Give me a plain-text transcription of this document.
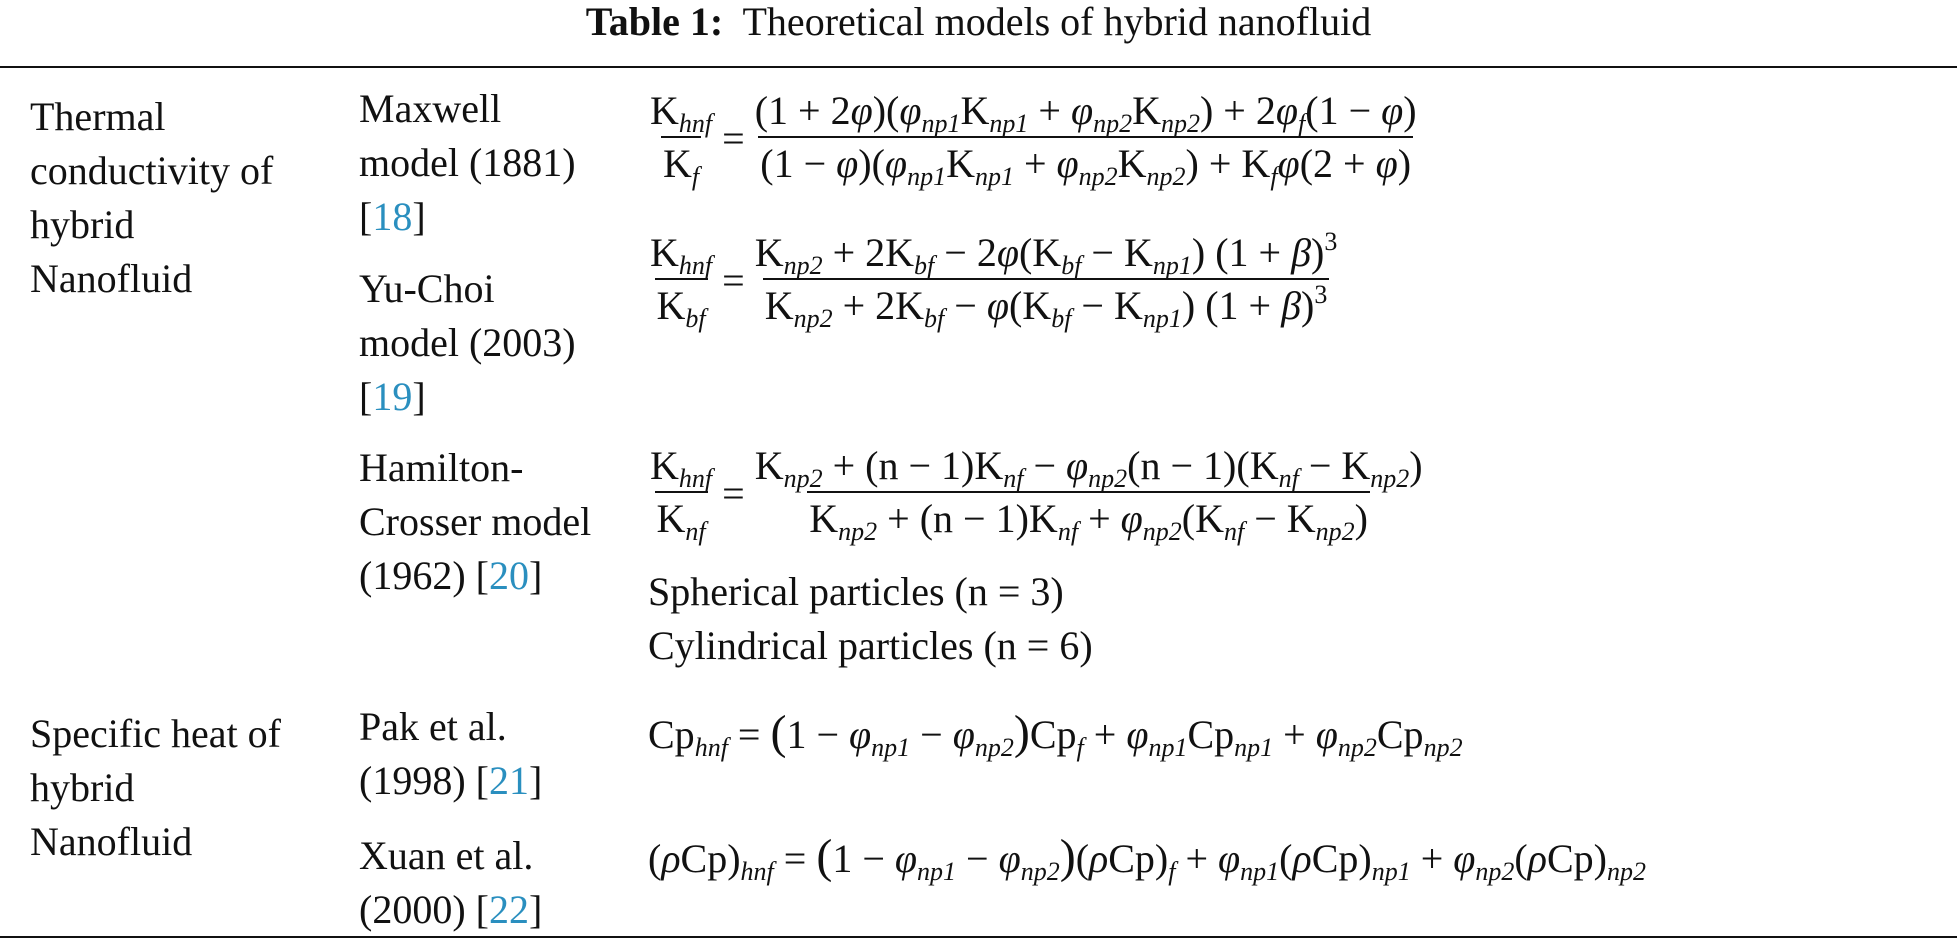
Table 1: Theoretical models of hybrid nanofluid
Thermal
conductivity of
hybrid
Nanofluid
Maxwell
model (1881)
[18]
Yu-Choi
model (2003)
[19]
Hamilton-
Crosser model
(1962) [20]
$\frac{K_{hnf}}{K_f} = \frac{(1 + 2\varphi)(\varphi_{np1}K_{np1} + \varphi_{np2}K_{np2}) + 2\varphi_f(1 - \varphi)}{(1 - \varphi)(\varphi_{np1}K_{np1} + \varphi_{np2}K_{np2}) + K_f\varphi(2 + \varphi)}$
$\frac{K_{hnf}}{K_{bf}} = \frac{K_{np2} + 2K_{bf} - 2\varphi(K_{bf} - K_{np1}) (1 + \beta)^3}{K_{np2} + 2K_{bf} - \varphi(K_{bf} - K_{np1}) (1 + \beta)^3}$
$\frac{K_{hnf}}{K_{nf}} = \frac{K_{np2} + (n - 1)K_{nf} - \varphi_{np2}(n - 1)(K_{nf} - K_{np2})}{K_{np2} + (n - 1)K_{nf} + \varphi_{np2}(K_{nf} - K_{np2})}$
Spherical particles (n = 3)
Cylindrical particles (n = 6)
Specific heat of
hybrid
Nanofluid
Pak et al.
(1998) [21]
Xuan et al.
(2000) [22]
$Cp_{hnf} = (1 - \varphi_{np1} - \varphi_{np2})Cp_f + \varphi_{np1}Cp_{np1} + \varphi_{np2}Cp_{np2}$
$(\rho Cp)_{hnf} = (1 - \varphi_{np1} - \varphi_{np2})(\rho Cp)_f + \varphi_{np1}(\rho Cp)_{np1} + \varphi_{np2}(\rho Cp)_{np2}$
